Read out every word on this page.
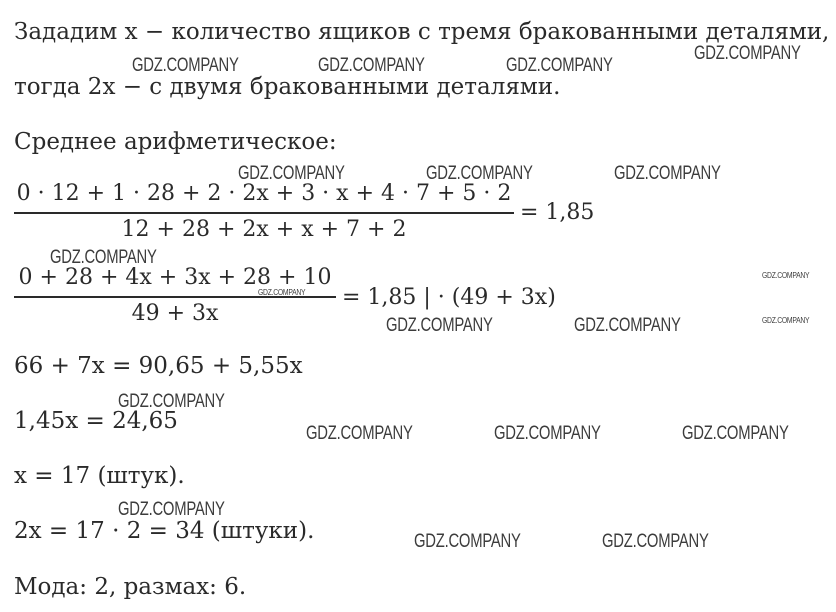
Зададим x − количество ящиков с тремя бракованными деталями,
тогда 2x − с двумя бракованными деталями.
Среднее арифметическое:
0 · 12 + 1 · 28 + 2 · 2x + 3 · x + 4 · 7 + 5 · 2
12 + 28 + 2x + x + 7 + 2
= 1,85
0 + 28 + 4x + 3x + 28 + 10
49 + 3x
= 1,85 | · (49 + 3x)
66 + 7x = 90,65 + 5,55x
1,45x = 24,65
x = 17 (штук).
2x = 17 · 2 = 34 (штуки).
Мода: 2, размах: 6.
GDZ.COMPANY	GDZ.COMPANY	GDZ.COMPANY
GDZ.COMPANY
GDZ.COMPANY	GDZ.COMPANY	GDZ.COMPANY
GDZ.COMPANY
GDZ.COMPANY
GDZ.COMPANY
GDZ.COMPANY
GDZ.COMPANY	GDZ.COMPANY
GDZ.COMPANY
GDZ.COMPANY	GDZ.COMPANY	GDZ.COMPANY
GDZ.COMPANY
GDZ.COMPANY	GDZ.COMPANY
